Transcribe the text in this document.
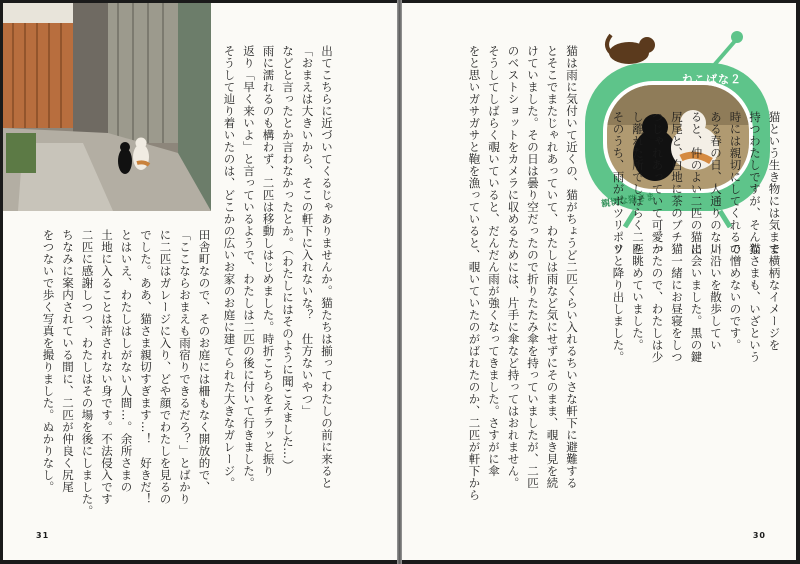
出てこちらに近づいてくるじゃありませんか。猫たちは揃ってわたしの前に来ると
「おまえは大きいから、そこの軒下に入れないな？　仕方ないやつ」
などと言ったとか言わなかったとか。（わたしにはそのように聞こえました…）
雨に濡れるのも構わず、二匹は移動しはじめました。時折こちらをチラッと振り
返り「早く来いよ」と言っているようで、わたしは二匹の後に付いて行きました。
そうして辿り着いたのは、どこかの広いお家のお庭に建てられた大きなガレージ。
田舎町なので、そのお庭には柵もなく開放的で、
「ここならおまえも雨宿りできるだろ？」とばかり
に二匹はガレージに入り、どや顔でわたしを見るの
でした。ああ、猫さま親切すぎます…！　好きだ！
とはいえ、わたしはしがない人間…。余所さまの
土地に入ることは許されない身です。不法侵入です
二匹に感謝しつつ、わたしはその場を後にしました。
ちなみに案内されている間に、二匹が仲良く尻尾
をつないで歩く写真を撮りました。ぬかりなし。
31
ねこばな２
親切な猫さま
で横柄なイメージを
猫さまも、いざという
で憎めないのです。
川沿いを散歩してい
出会いました。黒の鍵
、一緒にお昼寝をしつ
ったので、わたしは少
を眺めていました。
リと降り出しました。
猫という生き物には気まま
持つわたしですが、そんな
時には親切にしてくれるの
ある春の日、人通りのない
ると、仲のよい二匹の猫に
尻尾と、白地に茶のブチ猫
つじゃれあっていて可愛か
し離れた所でしばらく二匹
そのうち、雨がポツリポツ
猫は雨に気付いて近くの、猫がちょうど二匹くらい入れるちいさな軒下に避難する
とそこでまたじゃれあっていて、わたしは雨など気にせずにそのまま、覗き見を続
けていました。その日は曇り空だったので折りたたみ傘を持っていましたが、二匹
のベストショットをカメラに収めるためには、片手に傘など持ってはおれません。
そうしてしばらく覗いていると、だんだん雨が強くなってきました。さすがに傘
をと思いガサガサと鞄を漁っていると、覗いていたのがばれたのか、二匹が軒下から
30
